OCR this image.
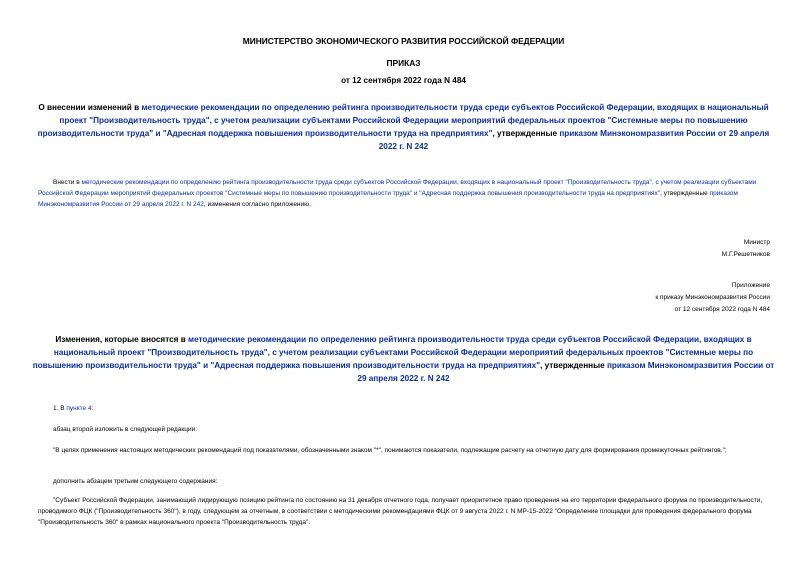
МИНИСТЕРСТВО ЭКОНОМИЧЕСКОГО РАЗВИТИЯ РОССИЙСКОЙ ФЕДЕРАЦИИ
ПРИКАЗ
от 12 сентября 2022 года N 484
О внесении изменений в методические рекомендации по определению рейтинга производительности труда среди субъектов Российской Федерации, входящих в национальный проект "Производительность труда", с учетом реализации субъектами Российской Федерации мероприятий федеральных проектов "Системные меры по повышению производительности труда" и "Адресная поддержка повышения производительности труда на предприятиях", утвержденные приказом Минэкономразвития России от 29 апреля 2022 г. N 242
Внести в методические рекомендации по определению рейтинга производительности труда среди субъектов Российской Федерации, входящих в национальный проект "Производительность труда", с учетом реализации субъектами Российской Федерации мероприятий федеральных проектов "Системные меры по повышению производительности труда" и "Адресная поддержка повышения производительности труда на предприятиях", утвержденные приказом Минэкономразвития России от 29 апреля 2022 г. N 242, изменения согласно приложению.
Министр
М.Г.Решетников
Приложение
к приказу Минэкономразвития России
от 12 сентября 2022 года N 484
Изменения, которые вносятся в методические рекомендации по определению рейтинга производительности труда среди субъектов Российской Федерации, входящих в национальный проект "Производительность труда", с учетом реализации субъектами Российской Федерации мероприятий федеральных проектов "Системные меры по повышению производительности труда" и "Адресная поддержка повышения производительности труда на предприятиях", утвержденные приказом Минэкономразвития России от 29 апреля 2022 г. N 242
1. В пункте 4:
абзац второй изложить в следующей редакции:
"В целях применения настоящих методических рекомендаций под показателями, обозначенными знаком "*", понимаются показатели, подлежащие расчету на отчетную дату для формирования промежуточных рейтингов.";
дополнить абзацем третьим следующего содержания:
"Субъект Российской Федерации, занимающий лидирующую позицию рейтинга по состоянию на 31 декабря отчетного года, получает приоритетное право проведения на его территории федерального форума по производительности, проводимого ФЦК ("Производительность 360"), в году, следующем за отчетным, в соответствии с методическими рекомендациями ФЦК от 9 августа 2022 г. N МР-15-2022 "Определение площадки для проведения федерального форума "Производительность 360" в рамках национального проекта "Производительность труда".
